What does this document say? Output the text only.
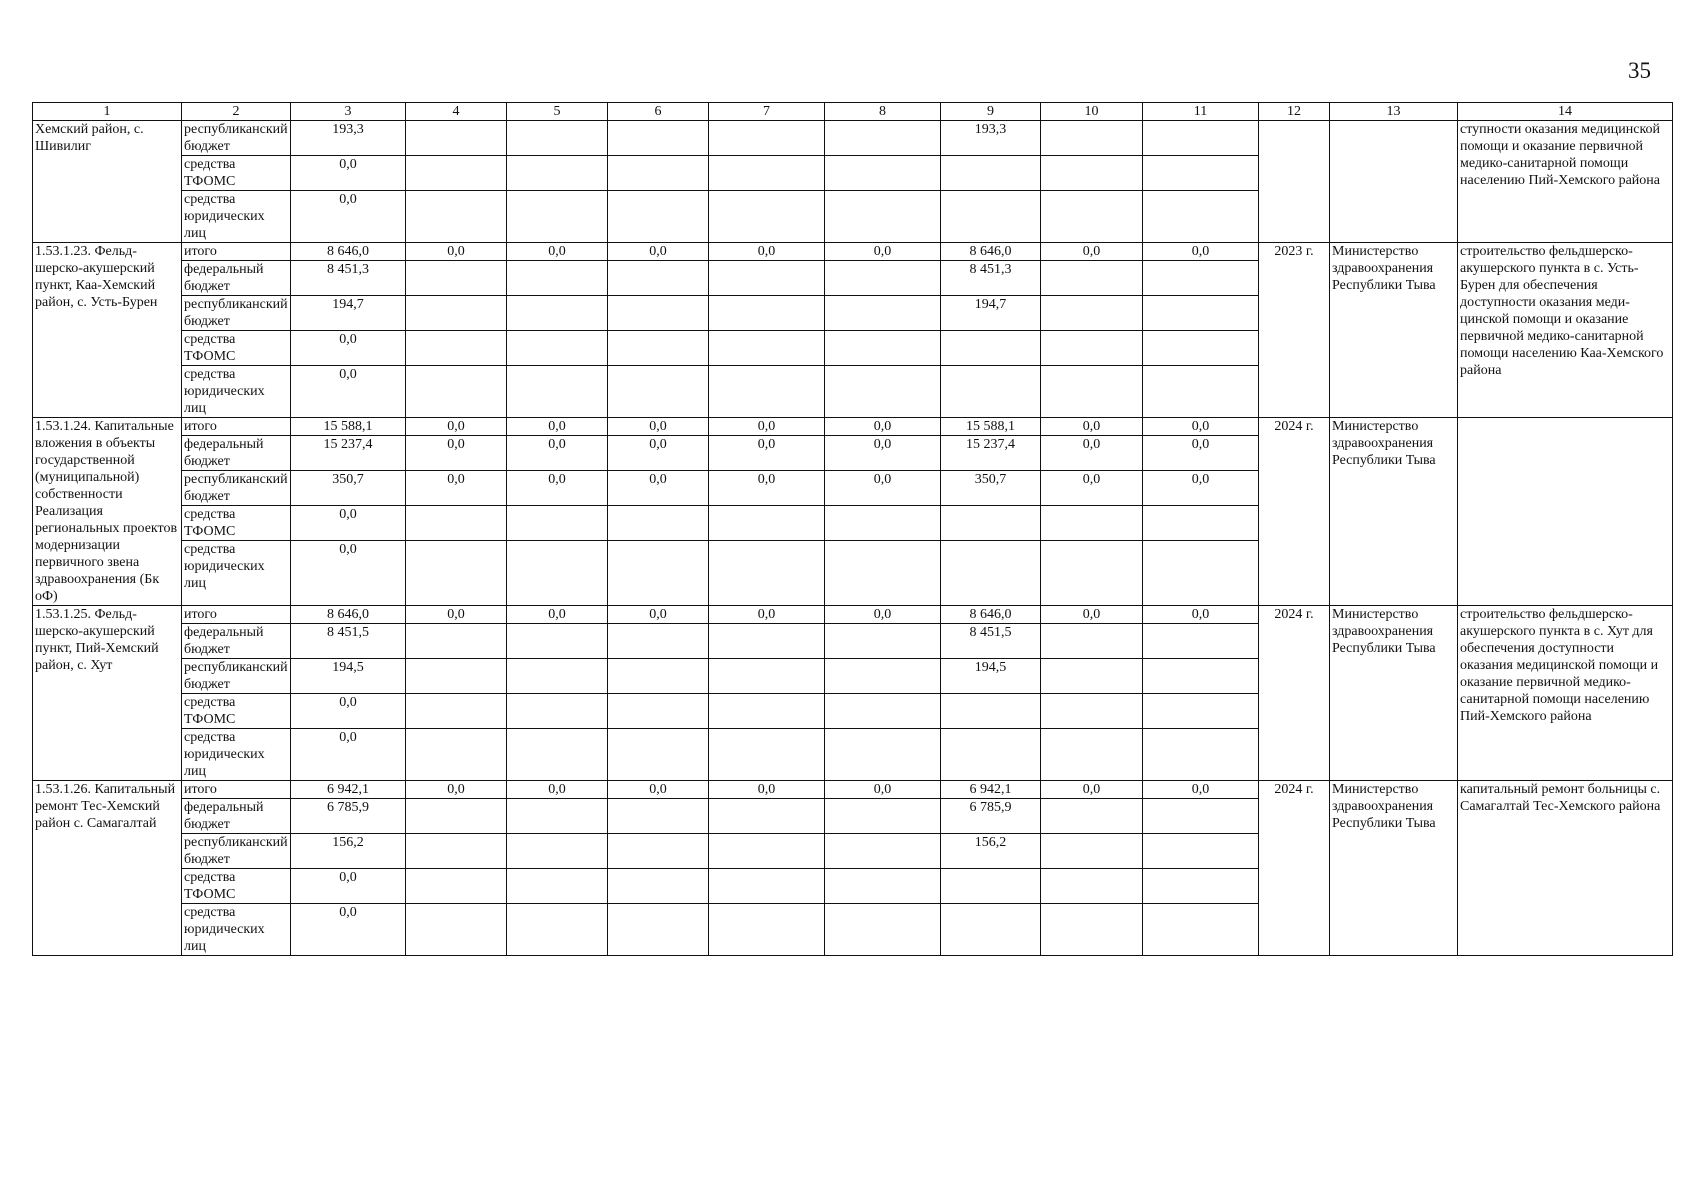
35
1	2	3	4	5	6	7	8	9	10	11	12	13	14
Хемский район, с. Шивилиг	республиканский бюджет	193,3						193,3					ступности оказания медицинской помощи и оказание первичной медико-санитарной помощи населению Пий-Хемского района
	средства ТФОМС	0,0											
	средства юридических лиц	0,0											
1.53.1.23. Фельдшерско-акушерский пункт, Каа-Хемский район, с. Усть-Бурен	итого	8 646,0	0,0	0,0	0,0	0,0	0,0	8 646,0	0,0	0,0	2023 г.	Министерство здравоохранения Республики Тыва	строительство фельдшерско-акушерского пункта в с. Усть-Бурен для обеспечения доступности оказания медицинской помощи и оказание первичной медико-санитарной помощи населению Каа-Хемского района
	федеральный бюджет	8 451,3						8 451,3					
	республиканский бюджет	194,7						194,7					
	средства ТФОМС	0,0											
	средства юридических лиц	0,0											
1.53.1.24. Капитальные вложения в объекты государственной (муниципальной) собственности Реализация региональных проектов модернизации первичного звена здравоохранения (Бк оФ)	итого	15 588,1	0,0	0,0	0,0	0,0	0,0	15 588,1	0,0	0,0	2024 г.	Министерство здравоохранения Республики Тыва	
	федеральный бюджет	15 237,4	0,0	0,0	0,0	0,0	0,0	15 237,4	0,0	0,0			
	республиканский бюджет	350,7	0,0	0,0	0,0	0,0	0,0	350,7	0,0	0,0			
	средства ТФОМС	0,0											
	средства юридических лиц	0,0											
1.53.1.25. Фельдшерско-акушерский пункт, Пий-Хемский район, с. Хут	итого	8 646,0	0,0	0,0	0,0	0,0	0,0	8 646,0	0,0	0,0	2024 г.	Министерство здравоохранения Республики Тыва	строительство фельдшерско-акушерского пункта в с. Хут для обеспечения доступности оказания медицинской помощи и оказание первичной медико-санитарной помощи населению Пий-Хемского района
	федеральный бюджет	8 451,5						8 451,5					
	республиканский бюджет	194,5						194,5					
	средства ТФОМС	0,0											
	средства юридических лиц	0,0											
1.53.1.26. Капитальный ремонт Тес-Хемский район с. Самагалтай	итого	6 942,1	0,0	0,0	0,0	0,0	0,0	6 942,1	0,0	0,0	2024 г.	Министерство здравоохранения Республики Тыва	капитальный ремонт больницы с. Самагалтай Тес-Хемского района
	федеральный бюджет	6 785,9						6 785,9					
	республиканский бюджет	156,2						156,2					
	средства ТФОМС	0,0											
	средства юридических лиц	0,0											
